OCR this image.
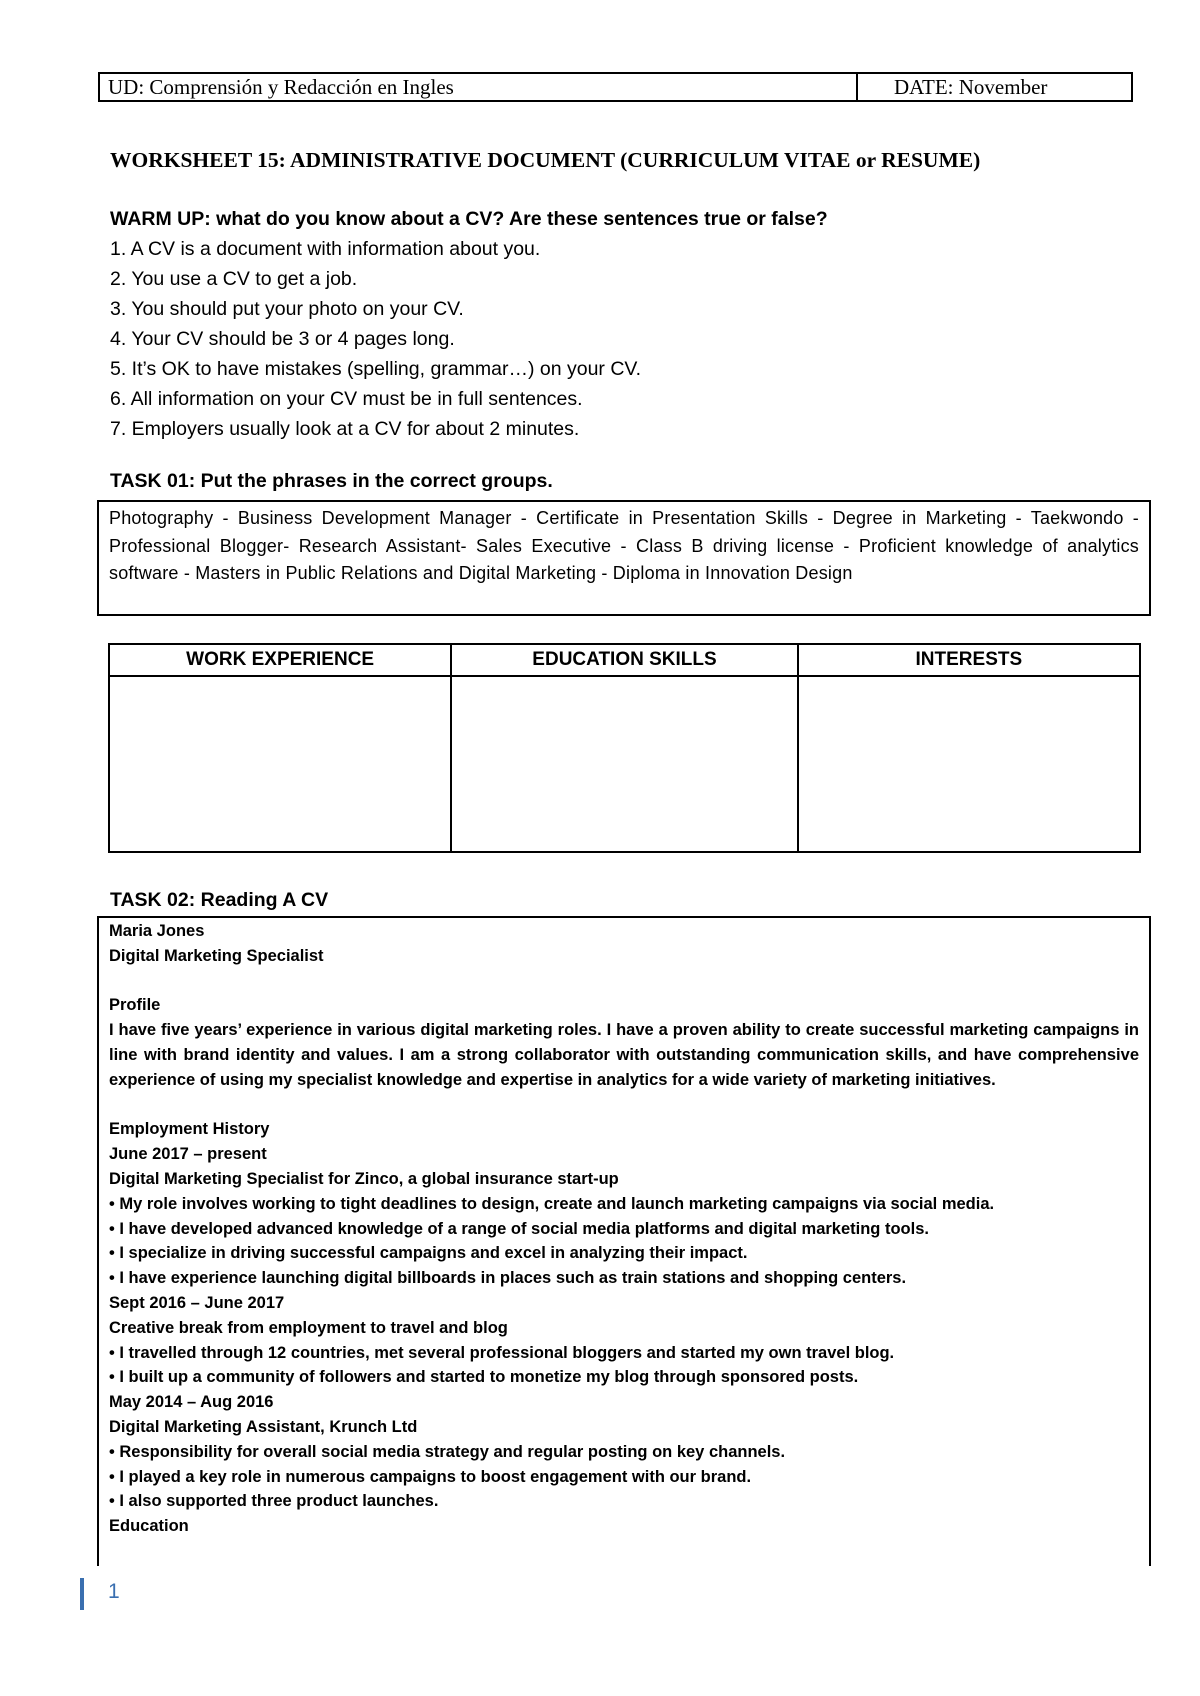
UD: Comprensión y Redacción en Ingles	DATE: November
WORKSHEET 15: ADMINISTRATIVE DOCUMENT (CURRICULUM VITAE or RESUME)
WARM UP: what do you know about a CV? Are these sentences true or false?
1. A CV is a document with information about you.
2. You use a CV to get a job.
3. You should put your photo on your CV.
4. Your CV should be 3 or 4 pages long.
5. It’s OK to have mistakes (spelling, grammar…) on your CV.
6. All information on your CV must be in full sentences.
7. Employers usually look at a CV for about 2 minutes.
TASK 01: Put the phrases in the correct groups.
Photography - Business Development Manager - Certificate in Presentation Skills - Degree in Marketing - Taekwondo - Professional Blogger- Research Assistant- Sales Executive - Class B driving license - Proficient knowledge of analytics software - Masters in Public Relations and Digital Marketing - Diploma in Innovation Design
WORK EXPERIENCE	EDUCATION SKILLS	INTERESTS

TASK 02: Reading A CV
Maria Jones
Digital Marketing Specialist
Profile
I have five years’ experience in various digital marketing roles. I have a proven ability to create successful marketing campaigns in line with brand identity and values. I am a strong collaborator with outstanding communication skills, and have comprehensive experience of using my specialist knowledge and expertise in analytics for a wide variety of marketing initiatives.
Employment History
June 2017 – present
Digital Marketing Specialist for Zinco, a global insurance start-up
• My role involves working to tight deadlines to design, create and launch marketing campaigns via social media.
• I have developed advanced knowledge of a range of social media platforms and digital marketing tools.
• I specialize in driving successful campaigns and excel in analyzing their impact.
• I have experience launching digital billboards in places such as train stations and shopping centers.
Sept 2016 – June 2017
Creative break from employment to travel and blog
• I travelled through 12 countries, met several professional bloggers and started my own travel blog.
• I built up a community of followers and started to monetize my blog through sponsored posts.
May 2014 – Aug 2016
Digital Marketing Assistant, Krunch Ltd
• Responsibility for overall social media strategy and regular posting on key channels.
• I played a key role in numerous campaigns to boost engagement with our brand.
• I also supported three product launches.
Education
1
